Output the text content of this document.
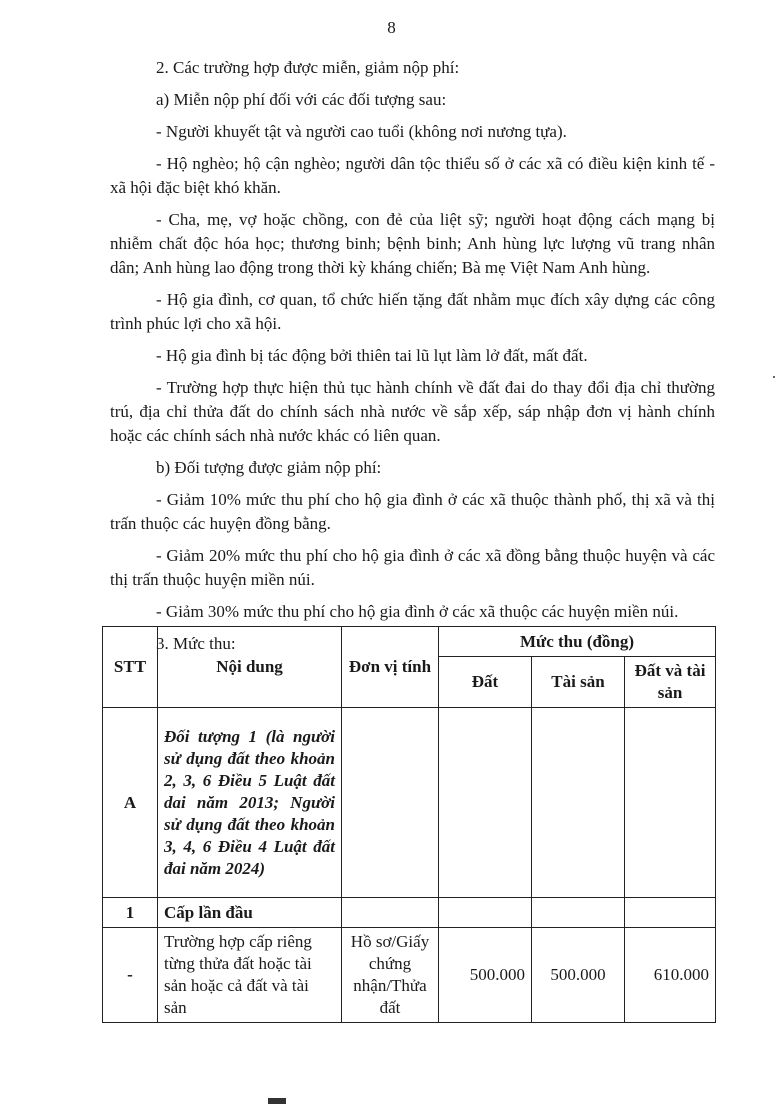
8

2. Các trường hợp được miễn, giảm nộp phí:

a) Miễn nộp phí đối với các đối tượng sau:

- Người khuyết tật và người cao tuổi (không nơi nương tựa).

- Hộ nghèo; hộ cận nghèo; người dân tộc thiểu số ở các xã có điều kiện kinh tế - xã hội đặc biệt khó khăn.

- Cha, mẹ, vợ hoặc chồng, con đẻ của liệt sỹ; người hoạt động cách mạng bị nhiễm chất độc hóa học; thương binh; bệnh binh; Anh hùng lực lượng vũ trang nhân dân; Anh hùng lao động trong thời kỳ kháng chiến; Bà mẹ Việt Nam Anh hùng.

- Hộ gia đình, cơ quan, tổ chức hiến tặng đất nhằm mục đích xây dựng các công trình phúc lợi cho xã hội.

- Hộ gia đình bị tác động bởi thiên tai lũ lụt làm lở đất, mất đất.

- Trường hợp thực hiện thủ tục hành chính về đất đai do thay đổi địa chỉ thường trú, địa chỉ thửa đất do chính sách nhà nước về sắp xếp, sáp nhập đơn vị hành chính hoặc các chính sách nhà nước khác có liên quan.

b) Đối tượng được giảm nộp phí:

- Giảm 10% mức thu phí cho hộ gia đình ở các xã thuộc thành phố, thị xã và thị trấn thuộc các huyện đồng bằng.

- Giảm 20% mức thu phí cho hộ gia đình ở các xã đồng bằng thuộc huyện và các thị trấn thuộc huyện miền núi.

- Giảm 30% mức thu phí cho hộ gia đình ở các xã thuộc các huyện miền núi.

3. Mức thu:

STT	Nội dung	Đơn vị tính	Mức thu (đồng)		
			Đất	Tài sản	Đất và tài sản
A	Đối tượng 1 (là người sử dụng đất theo khoản 2, 3, 6 Điều 5 Luật đất dai năm 2013; Người sử dụng đất theo khoản 3, 4, 6 Điều 4 Luật đất đai năm 2024)				
1	Cấp lần đầu				
-	Trường hợp cấp riêng từng thửa đất hoặc tài sản hoặc cả đất và tài sản	Hồ sơ/Giấy chứng nhận/Thửa đất	500.000	500.000	610.000
